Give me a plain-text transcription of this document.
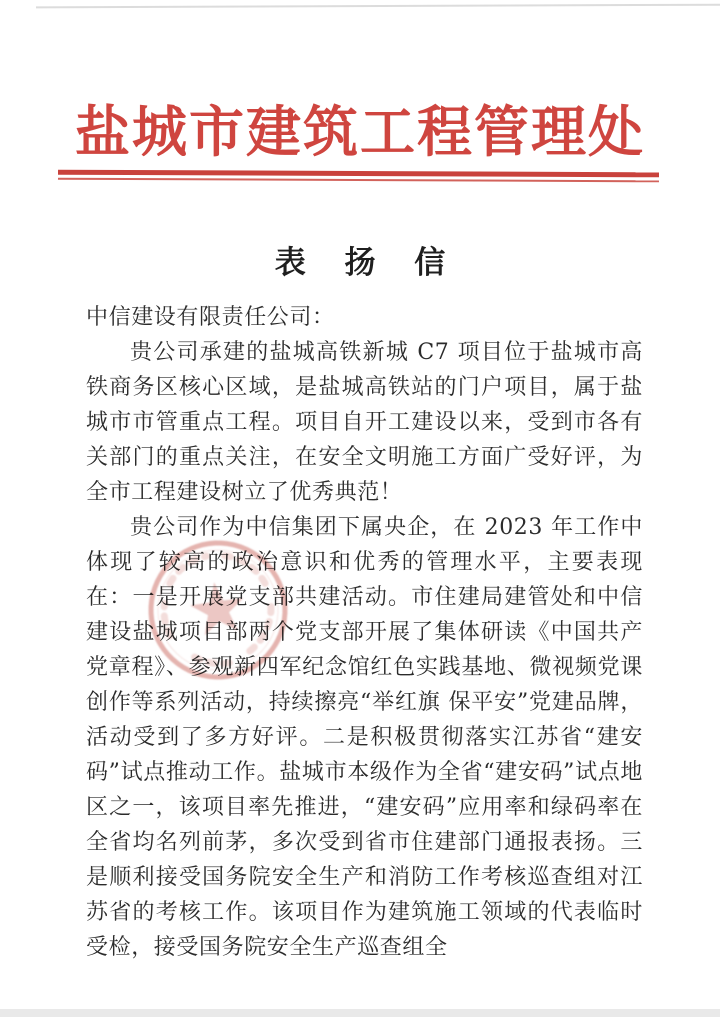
盐城市建筑工程管理处
表 扬 信

中信建设有限责任公司：

贵公司承建的盐城高铁新城 C7 项目位于盐城市高铁商务区核心区域，是盐城高铁站的门户项目，属于盐城市市管重点工程。项目自开工建设以来，受到市各有关部门的重点关注，在安全文明施工方面广受好评，为全市工程建设树立了优秀典范！

贵公司作为中信集团下属央企，在 2023 年工作中体现了较高的政治意识和优秀的管理水平，主要表现在：一是开展党支部共建活动。市住建局建管处和中信建设盐城项目部两个党支部开展了集体研读《中国共产党章程》、参观新四军纪念馆红色实践基地、微视频党课创作等系列活动，持续擦亮“举红旗 保平安”党建品牌，活动受到了多方好评。二是积极贯彻落实江苏省“建安码”试点推动工作。盐城市本级作为全省“建安码”试点地区之一，该项目率先推进，“建安码”应用率和绿码率在全省均名列前茅，多次受到省市住建部门通报表扬。三是顺利接受国务院安全生产和消防工作考核巡查组对江苏省的考核工作。该项目作为建筑施工领域的代表临时受检，接受国务院安全生产巡查组全
